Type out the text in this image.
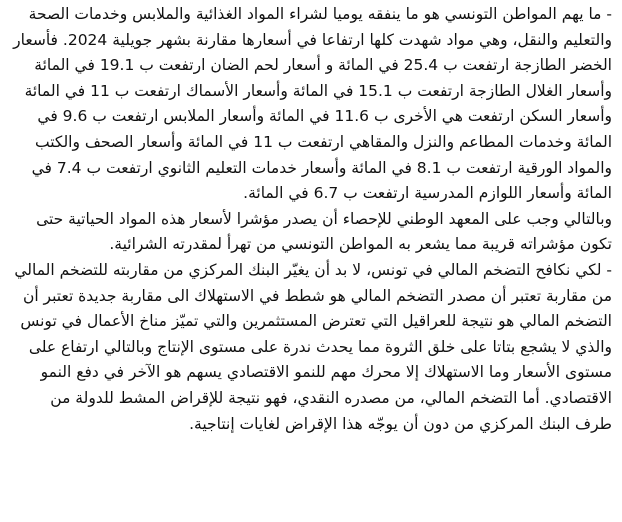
- ما يهم المواطن التونسي هو ما ينفقه يوميا لشراء المواد الغذائية والملابس وخدمات الصحة والتعليم والنقل، وهي مواد شهدت كلها ارتفاعا في أسعارها مقارنة بشهر جويلية 2024. فأسعار الخضر الطازجة ارتفعت ب 25.4 في المائة و أسعار لحم الضان ارتفعت ب 19.1 في المائة وأسعار الغلال الطازجة ارتفعت ب 15.1 في المائة وأسعار الأسماك ارتفعت ب 11 في المائة وأسعار السكن ارتفعت هي الأخرى ب 11.6 في المائة وأسعار الملابس ارتفعت ب 9.6 في المائة وخدمات المطاعم والنزل والمقاهي ارتفعت ب 11 في المائة وأسعار الصحف والكتب والمواد الورقية ارتفعت ب 8.1 في المائة وأسعار خدمات التعليم الثانوي ارتفعت ب 7.4 في المائة وأسعار اللوازم المدرسية ارتفعت ب 6.7 في المائة.

وبالتالي وجب على المعهد الوطني للإحصاء أن يصدر مؤشرا لأسعار هذه المواد الحياتية حتى تكون مؤشراته قريبة مما يشعر به المواطن التونسي من تهرأ لمقدرته الشرائية.

- لكي نكافح التضخم المالي في تونس، لا بد أن يغيّر البنك المركزي من مقاربته للتضخم المالي من مقاربة تعتبر أن مصدر التضخم المالي هو شطط في الاستهلاك الى مقاربة جديدة تعتبر أن التضخم المالي هو نتيجة للعراقيل التي تعترض المستثمرين والتي تميّز مناخ الأعمال في تونس والذي لا يشجع بتاتا على خلق الثروة مما يحدث ندرة على مستوى الإنتاج وبالتالي ارتفاع على مستوى الأسعار وما الاستهلاك إلا محرك مهم للنمو الاقتصادي يسهم هو الآخر في دفع النمو الاقتصادي. أما التضخم المالي، من مصدره النقدي، فهو نتيجة للإقراض المشط للدولة من طرف البنك المركزي من دون أن يوجّه هذا الإقراض لغايات إنتاجية.
